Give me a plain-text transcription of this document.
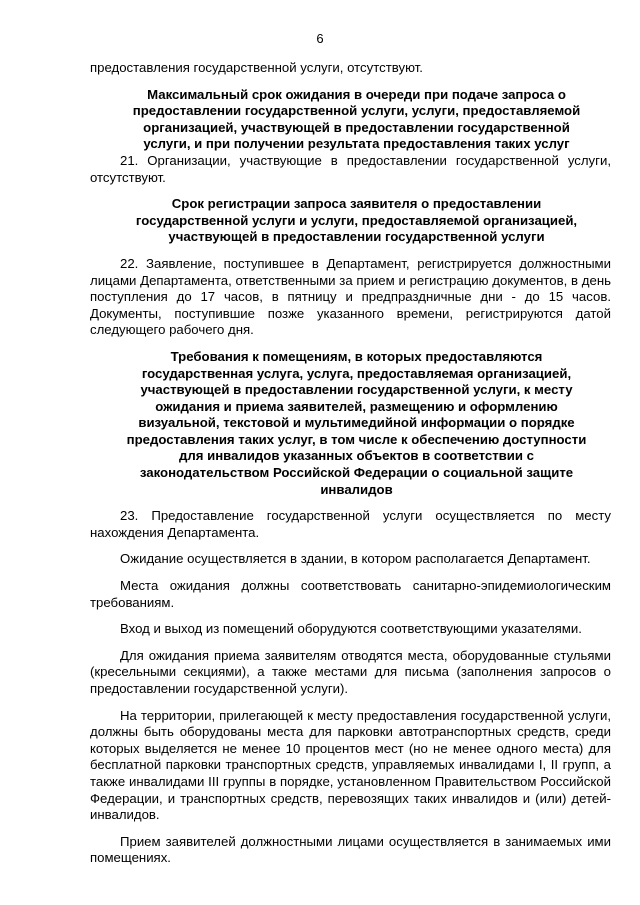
6

предоставления государственной услуги, отсутствуют.

Максимальный срок ожидания в очереди при подаче запроса о предоставлении государственной услуги, услуги, предоставляемой организацией, участвующей в предоставлении государственной услуги, и при получении результата предоставления таких услуг

21. Организации, участвующие в предоставлении государственной услуги, отсутствуют.

Срок регистрации запроса заявителя о предоставлении государственной услуги и услуги, предоставляемой организацией, участвующей в предоставлении государственной услуги

22. Заявление, поступившее в Департамент, регистрируется должностными лицами Департамента, ответственными за прием и регистрацию документов, в день поступления до 17 часов, в пятницу и предпраздничные дни - до 15 часов. Документы, поступившие позже указанного времени, регистрируются датой следующего рабочего дня.

Требования к помещениям, в которых предоставляются государственная услуга, услуга, предоставляемая организацией, участвующей в предоставлении государственной услуги, к месту ожидания и приема заявителей, размещению и оформлению визуальной, текстовой и мультимедийной информации о порядке предоставления таких услуг, в том числе к обеспечению доступности для инвалидов указанных объектов в соответствии с законодательством Российской Федерации о социальной защите инвалидов

23. Предоставление государственной услуги осуществляется по месту нахождения Департамента.

Ожидание осуществляется в здании, в котором располагается Департамент.

Места ожидания должны соответствовать санитарно-эпидемиологическим требованиям.

Вход и выход из помещений оборудуются соответствующими указателями.

Для ожидания приема заявителям отводятся места, оборудованные стульями (кресельными секциями), а также местами для письма (заполнения запросов о предоставлении государственной услуги).

На территории, прилегающей к месту предоставления государственной услуги, должны быть оборудованы места для парковки автотранспортных средств, среди которых выделяется не менее 10 процентов мест (но не менее одного места) для бесплатной парковки транспортных средств, управляемых инвалидами I, II групп, а также инвалидами III группы в порядке, установленном Правительством Российской Федерации, и транспортных средств, перевозящих таких инвалидов и (или) детей-инвалидов.

Прием заявителей должностными лицами осуществляется в занимаемых ими помещениях.
